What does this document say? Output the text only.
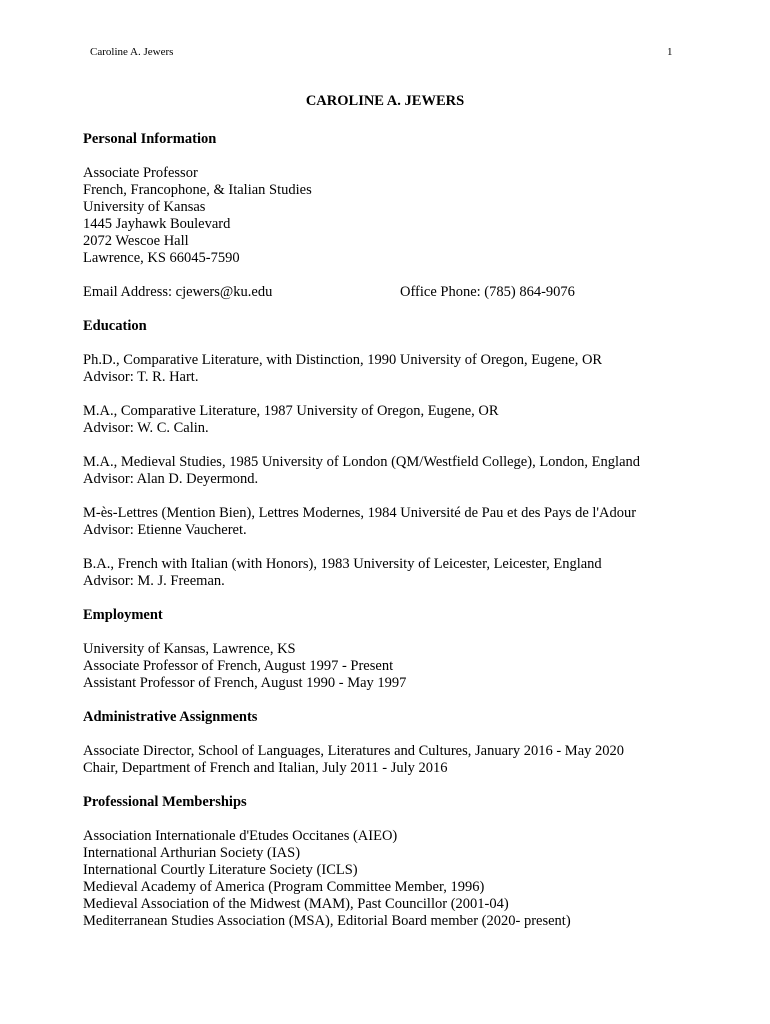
Caroline A. Jewers	1
CAROLINE A. JEWERS
Personal Information
Associate Professor
French, Francophone, & Italian Studies
University of Kansas
1445 Jayhawk Boulevard
2072 Wescoe Hall
Lawrence, KS 66045-7590
Email Address: cjewers@ku.edu	Office Phone: (785) 864-9076
Education
Ph.D., Comparative Literature, with Distinction, 1990 University of Oregon, Eugene, OR
Advisor: T. R. Hart.
M.A., Comparative Literature, 1987 University of Oregon, Eugene, OR
Advisor: W. C. Calin.
M.A., Medieval Studies, 1985 University of London (QM/Westfield College), London, England
Advisor: Alan D. Deyermond.
M-ès-Lettres (Mention Bien), Lettres Modernes, 1984 Université de Pau et des Pays de l'Adour
Advisor: Etienne Vaucheret.
B.A., French with Italian (with Honors), 1983 University of Leicester, Leicester, England
Advisor: M. J. Freeman.
Employment
University of Kansas, Lawrence, KS
Associate Professor of French, August 1997 - Present
Assistant Professor of French, August 1990 - May 1997
Administrative Assignments
Associate Director, School of Languages, Literatures and Cultures, January 2016 - May 2020
Chair, Department of French and Italian, July 2011 - July 2016
Professional Memberships
Association Internationale d'Etudes Occitanes (AIEO)
International Arthurian Society (IAS)
International Courtly Literature Society (ICLS)
Medieval Academy of America (Program Committee Member, 1996)
Medieval Association of the Midwest (MAM), Past Councillor (2001-04)
Mediterranean Studies Association (MSA), Editorial Board member (2020- present)
